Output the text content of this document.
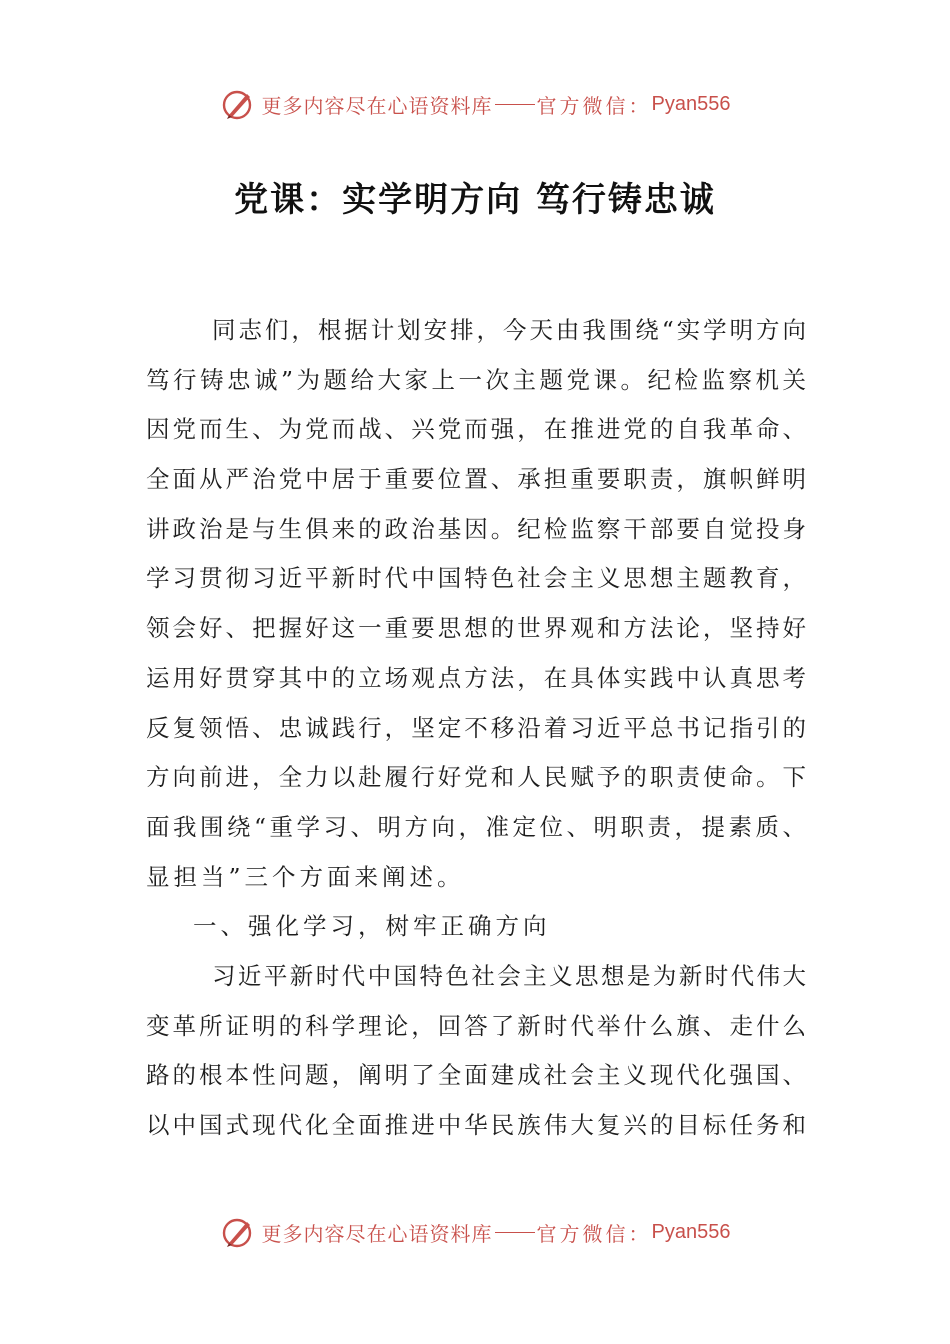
更多内容尽在心语资料库 官方微信： Pyan556
党课：实学明方向 笃行铸忠诚
同志们，根据计划安排，今天由我围绕“实学明方向
笃行铸忠诚”为题给大家上一次主题党课。纪检监察机关
因党而生、为党而战、兴党而强，在推进党的自我革命、
全面从严治党中居于重要位置、承担重要职责，旗帜鲜明
讲政治是与生俱来的政治基因。纪检监察干部要自觉投身
学习贯彻习近平新时代中国特色社会主义思想主题教育，
领会好、把握好这一重要思想的世界观和方法论，坚持好
运用好贯穿其中的立场观点方法，在具体实践中认真思考
反复领悟、忠诚践行，坚定不移沿着习近平总书记指引的
方向前进，全力以赴履行好党和人民赋予的职责使命。下
面我围绕“重学习、明方向，准定位、明职责，提素质、
显担当”三个方面来阐述。
一、强化学习，树牢正确方向
习近平新时代中国特色社会主义思想是为新时代伟大
变革所证明的科学理论，回答了新时代举什么旗、走什么
路的根本性问题，阐明了全面建成社会主义现代化强国、
以中国式现代化全面推进中华民族伟大复兴的目标任务和
更多内容尽在心语资料库 官方微信： Pyan556
